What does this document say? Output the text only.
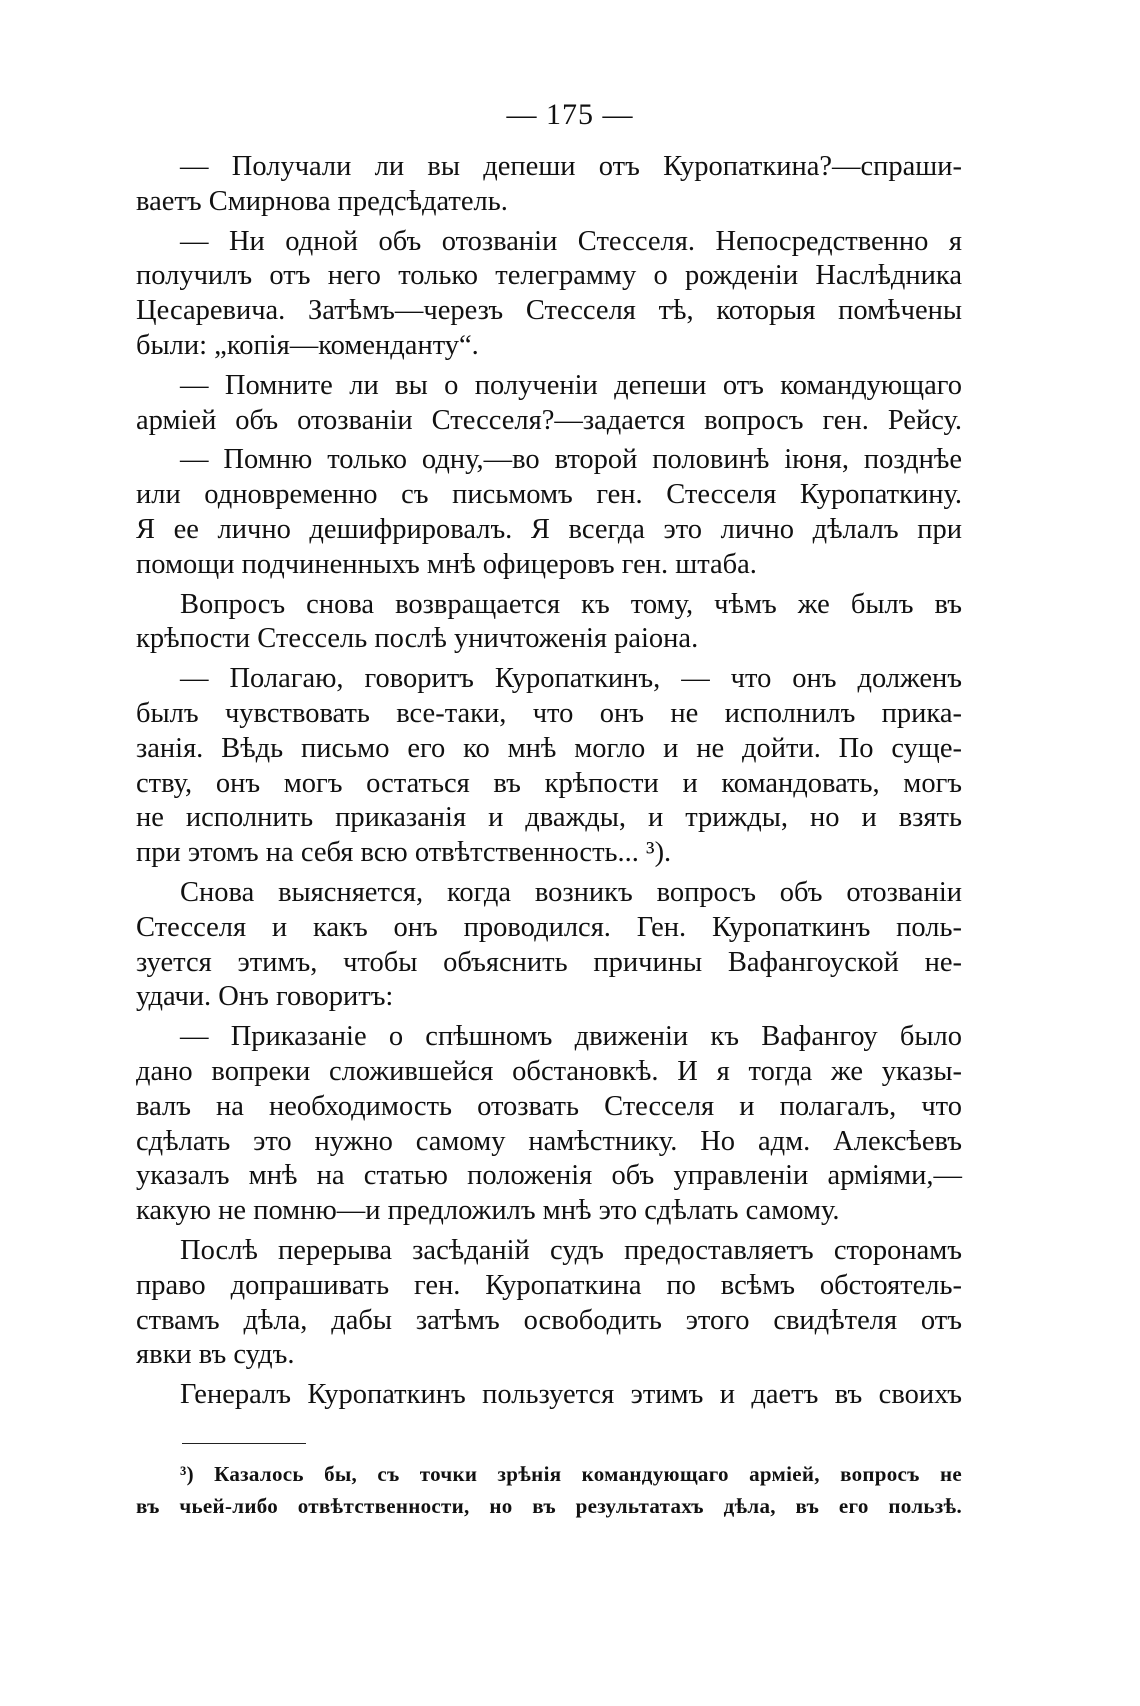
— 175 —
— Получали ли вы депеши отъ Куропаткина?—спраши-
ваетъ Смирнова предсѣдатель.
— Ни одной объ отозваніи Стесселя. Непосредственно я
получилъ отъ него только телеграмму о рожденіи Наслѣдника
Цесаревича. Затѣмъ—черезъ Стесселя тѣ, которыя помѣчены
были: „копія—коменданту“.
— Помните ли вы о полученіи депеши отъ командующаго
арміей объ отозваніи Стесселя?—задается вопросъ ген. Рейсу.
— Помню только одну,—во второй половинѣ іюня, позднѣе
или одновременно съ письмомъ ген. Стесселя Куропаткину.
Я ее лично дешифрировалъ. Я всегда это лично дѣлалъ при
помощи подчиненныхъ мнѣ офицеровъ ген. штаба.
Вопросъ снова возвращается къ тому, чѣмъ же былъ въ
крѣпости Стессель послѣ уничтоженія раіона.
— Полагаю, говоритъ Куропаткинъ, — что онъ долженъ
былъ чувствовать все-таки, что онъ не исполнилъ прика-
занія. Вѣдь письмо его ко мнѣ могло и не дойти. По суще-
ству, онъ могъ остаться въ крѣпости и командовать, могъ
не исполнить приказанія и дважды, и трижды, но и взять
при этомъ на себя всю отвѣтственность... ³).
Снова выясняется, когда возникъ вопросъ объ отозваніи
Стесселя и какъ онъ проводился. Ген. Куропаткинъ поль-
зуется этимъ, чтобы объяснить причины Вафангоуской не-
удачи. Онъ говоритъ:
— Приказаніе о спѣшномъ движеніи къ Вафангоу было
дано вопреки сложившейся обстановкѣ. И я тогда же указы-
валъ на необходимость отозвать Стесселя и полагалъ, что
сдѣлать это нужно самому намѣстнику. Но адм. Алексѣевъ
указалъ мнѣ на статью положенія объ управленіи арміями,—
какую не помню—и предложилъ мнѣ это сдѣлать самому.
Послѣ перерыва засѣданій судъ предоставляетъ сторонамъ
право допрашивать ген. Куропаткина по всѣмъ обстоятель-
ствамъ дѣла, дабы затѣмъ освободить этого свидѣтеля отъ
явки въ судъ.
Генералъ Куропаткинъ пользуется этимъ и даетъ въ своихъ
³) Казалось бы, съ точки зрѣнія командующаго арміей, вопросъ не
въ чьей-либо отвѣтственности, но въ результатахъ дѣла, въ его пользѣ.
